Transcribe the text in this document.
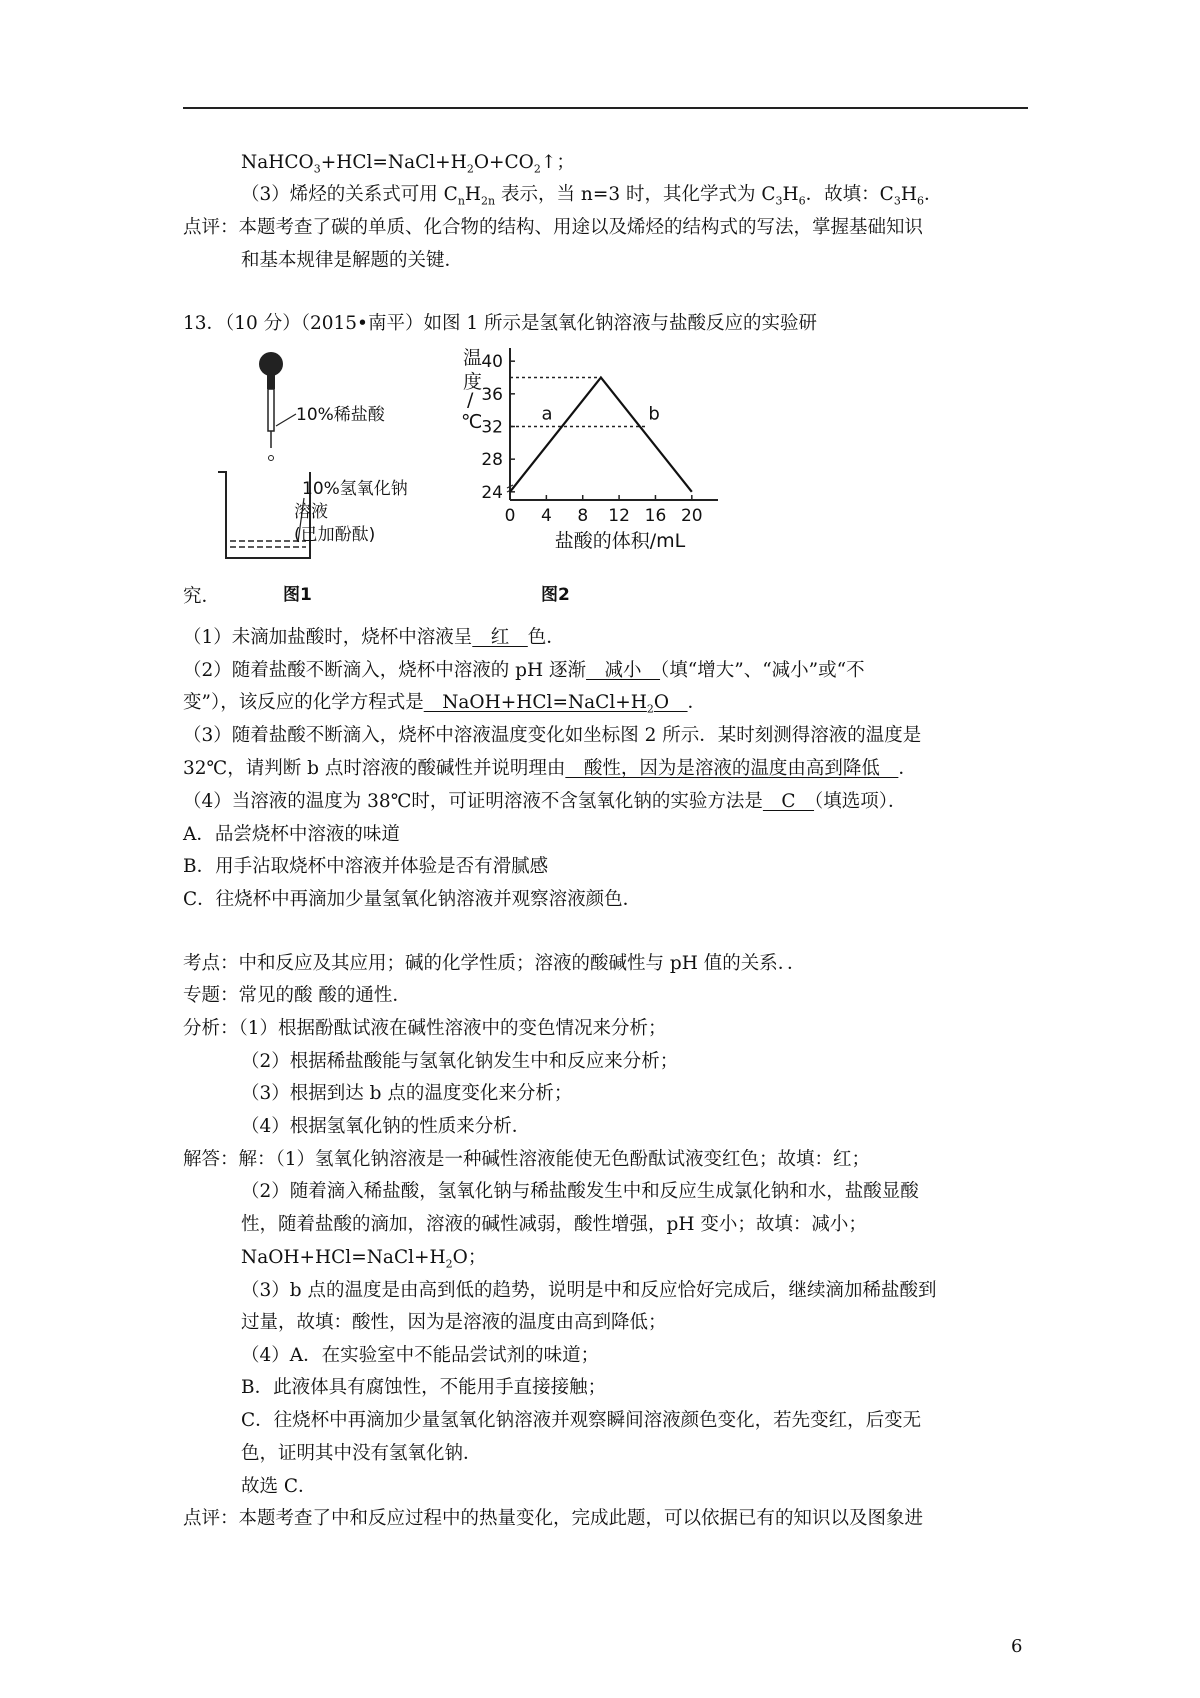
$NaHCO_3+HCl=NaCl+H_2O+CO_2↑$；
（3）烯烃的关系式可用 $C_nH_{2n}$ 表示，当 n=3 时，其化学式为 $C_3H_6$．故填：$C_3H_6$．
点评：本题考查了碳的单质、化合物的结构、用途以及烯烃的结构式的写法，掌握基础知识
和基本规律是解题的关键．
13．（10 分）（2015•南平）如图 1 所示是氢氧化钠溶液与盐酸反应的实验研
10%稀盐酸
10%氢氧化钠
溶液
(已加酚酞)
温
度
/
℃
盐酸的体积/mL
24
28
32
36
40
0 4 8 12 16 20
a	b
究．	图1	图2
（1）未滴加盐酸时，烧杯中溶液呈　红　色．
（2）随着盐酸不断滴入，烧杯中溶液的 pH 逐渐　减小　（填“增大”、“减小”或“不
变”），该反应的化学方程式是　$NaOH+HCl=NaCl+H_2O$　．
（3）随着盐酸不断滴入，烧杯中溶液温度变化如坐标图 2 所示．某时刻测得溶液的温度是
32℃，请判断 b 点时溶液的酸碱性并说明理由　酸性，因为是溶液的温度由高到降低　．
（4）当溶液的温度为 38℃时，可证明溶液不含氢氧化钠的实验方法是　C　（填选项）．
A．品尝烧杯中溶液的味道
B．用手沾取烧杯中溶液并体验是否有滑腻感
C．往烧杯中再滴加少量氢氧化钠溶液并观察溶液颜色．
考点：中和反应及其应用；碱的化学性质；溶液的酸碱性与 pH 值的关系．．
专题：常见的酸 酸的通性．
分析：（1）根据酚酞试液在碱性溶液中的变色情况来分析；
（2）根据稀盐酸能与氢氧化钠发生中和反应来分析；
（3）根据到达 b 点的温度变化来分析；
（4）根据氢氧化钠的性质来分析．
解答：解：（1）氢氧化钠溶液是一种碱性溶液能使无色酚酞试液变红色；故填：红；
（2）随着滴入稀盐酸，氢氧化钠与稀盐酸发生中和反应生成氯化钠和水，盐酸显酸
性，随着盐酸的滴加，溶液的碱性减弱，酸性增强，pH 变小；故填：减小；
$NaOH+HCl=NaCl+H_2O$；
（3）b 点的温度是由高到低的趋势，说明是中和反应恰好完成后，继续滴加稀盐酸到
过量，故填：酸性，因为是溶液的温度由高到降低；
（4）A．在实验室中不能品尝试剂的味道；
B．此液体具有腐蚀性，不能用手直接接触；
C．往烧杯中再滴加少量氢氧化钠溶液并观察瞬间溶液颜色变化，若先变红，后变无
色，证明其中没有氢氧化钠．
故选 C．
点评：本题考查了中和反应过程中的热量变化，完成此题，可以依据已有的知识以及图象进
6
